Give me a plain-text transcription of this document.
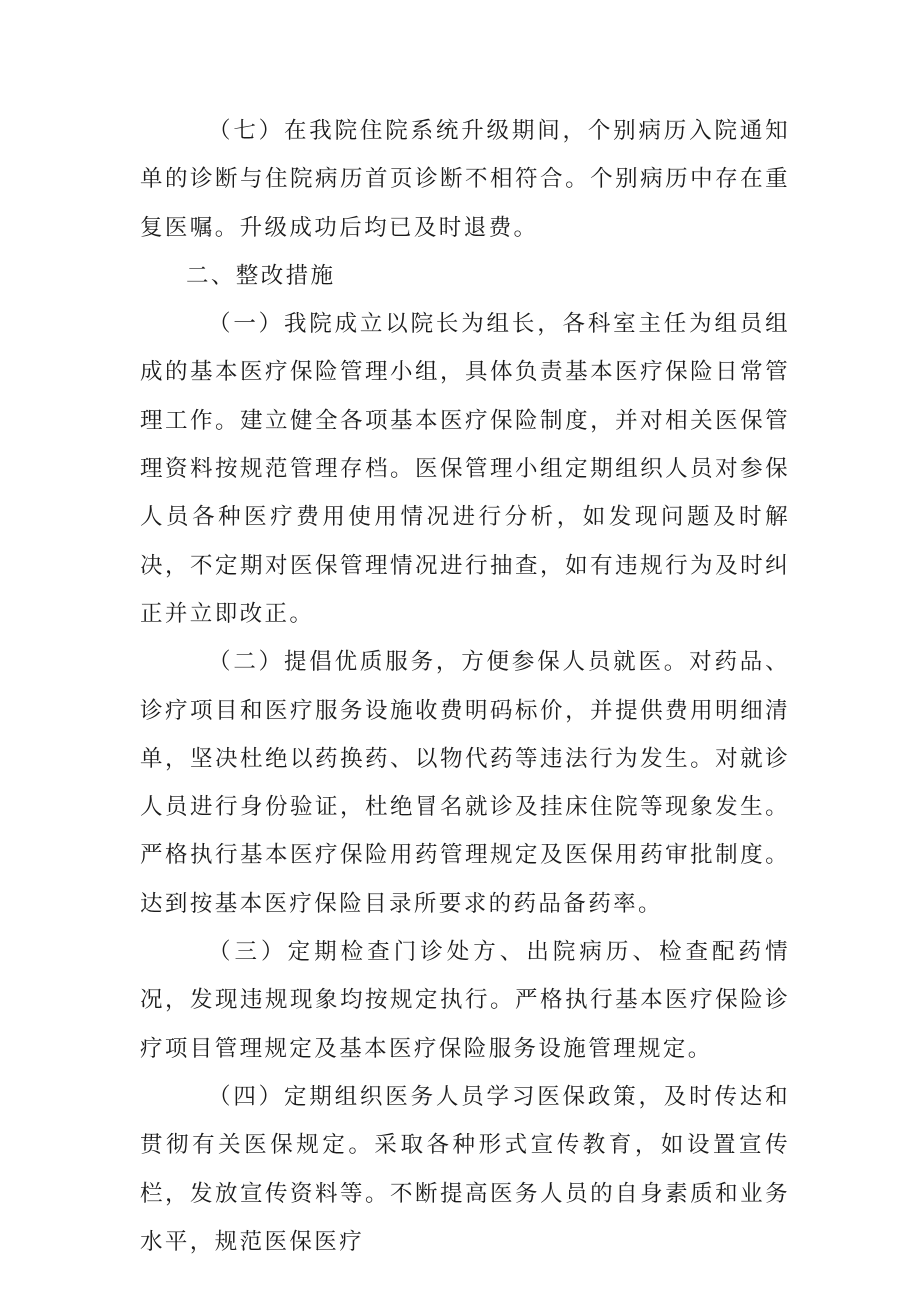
（七）在我院住院系统升级期间，个别病历入院通知单的诊断与住院病历首页诊断不相符合。个别病历中存在重复医嘱。升级成功后均已及时退费。

二、整改措施

（一）我院成立以院长为组长，各科室主任为组员组成的基本医疗保险管理小组，具体负责基本医疗保险日常管理工作。建立健全各项基本医疗保险制度，并对相关医保管理资料按规范管理存档。医保管理小组定期组织人员对参保人员各种医疗费用使用情况进行分析，如发现问题及时解决，不定期对医保管理情况进行抽查，如有违规行为及时纠正并立即改正。

（二）提倡优质服务，方便参保人员就医。对药品、诊疗项目和医疗服务设施收费明码标价，并提供费用明细清单，坚决杜绝以药换药、以物代药等违法行为发生。对就诊人员进行身份验证，杜绝冒名就诊及挂床住院等现象发生。严格执行基本医疗保险用药管理规定及医保用药审批制度。达到按基本医疗保险目录所要求的药品备药率。

（三）定期检查门诊处方、出院病历、检查配药情况，发现违规现象均按规定执行。严格执行基本医疗保险诊疗项目管理规定及基本医疗保险服务设施管理规定。

（四）定期组织医务人员学习医保政策，及时传达和贯彻有关医保规定。采取各种形式宣传教育，如设置宣传栏，发放宣传资料等。不断提高医务人员的自身素质和业务水平，规范医保医疗
